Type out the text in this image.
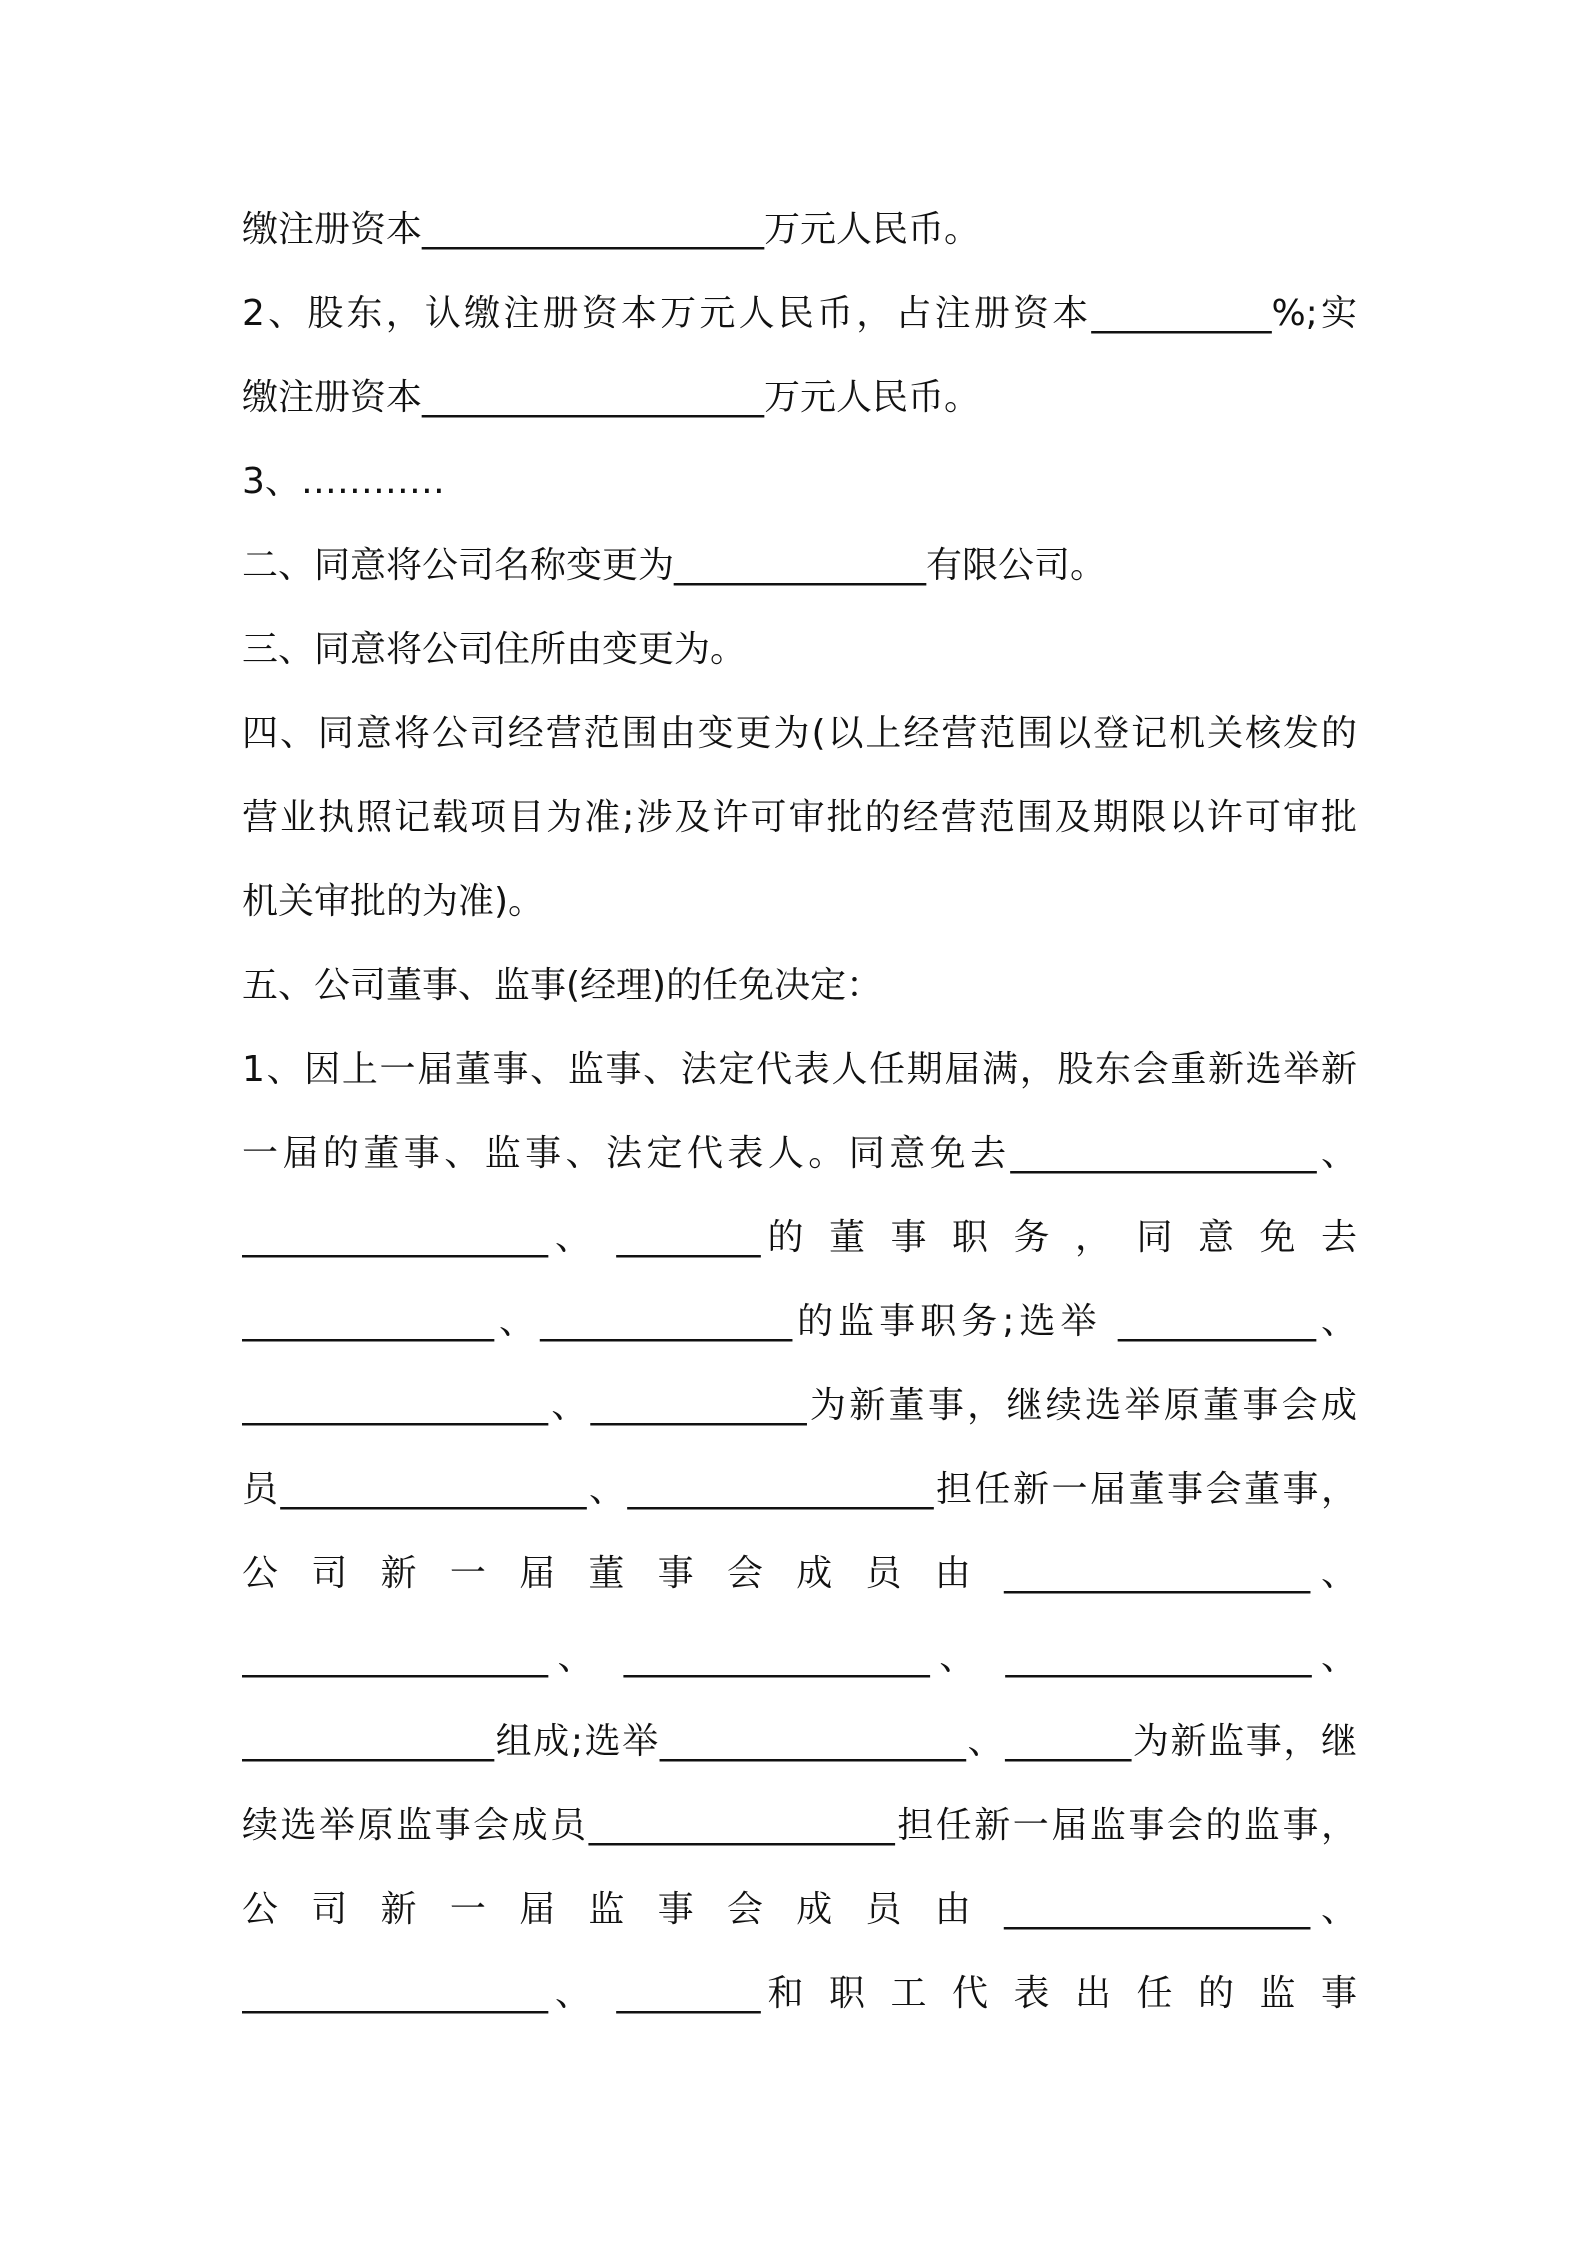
缴注册资本___________________万元人民币。
2、股东，认缴注册资本万元人民币，占注册资本__________%;实
缴注册资本___________________万元人民币。
3、…………
二、同意将公司名称变更为______________有限公司。
三、同意将公司住所由变更为。
四、同意将公司经营范围由变更为(以上经营范围以登记机关核发的
营业执照记载项目为准;涉及许可审批的经营范围及期限以许可审批
机关审批的为准)。
五、公司董事、监事(经理)的任免决定：
1、因上一届董事、监事、法定代表人任期届满，股东会重新选举新
一届的董事、监事、法定代表人。同意免去_________________、
_________________、 ________的 董 事 职 务 ， 同 意 免 去
______________、______________的监事职务;选举 ___________、
_________________、____________为新董事，继续选举原董事会成
员_________________、_________________担任新一届董事会董事，
公 司 新 一 届 董 事 会 成 员 由 _________________、
_________________、 _________________、 _________________、
______________组成;选举_________________、_______为新监事，继
续选举原监事会成员_________________担任新一届监事会的监事，
公 司 新 一 届 监 事 会 成 员 由 _________________、
_________________、 ________和 职 工 代 表 出 任 的 监 事
